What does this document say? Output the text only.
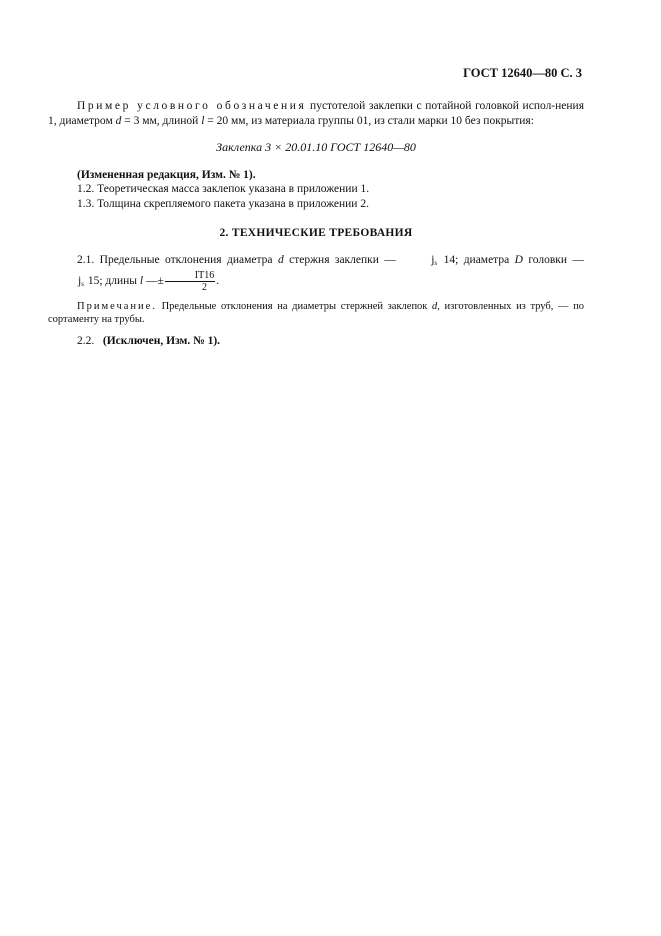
ГОСТ 12640—80 С. 3

Пример условного обозначения пустотелой заклепки с потайной головкой испол-нения 1, диаметром d = 3 мм, длиной l = 20 мм, из материала группы 01, из стали марки 10 без покрытия:

Заклепка 3 × 20.01.10 ГОСТ 12640—80

(Измененная редакция, Изм. № 1).

1.2. Теоретическая масса заклепок указана в приложении 1.

1.3. Толщина скрепляемого пакета указана в приложении 2.

2. ТЕХНИЧЕСКИЕ ТРЕБОВАНИЯ

2.1. Предельные отклонения диаметра d стержня заклепки —	$j_s$ 14; диаметра D головки — $j_s$ 15; длины l —± $\frac{IT16}{2}$ .

Примечание. Предельные отклонения на диаметры стержней заклепок d, изготовленных из труб, — по сортаменту на трубы.

2.2. (Исключен, Изм. № 1).
